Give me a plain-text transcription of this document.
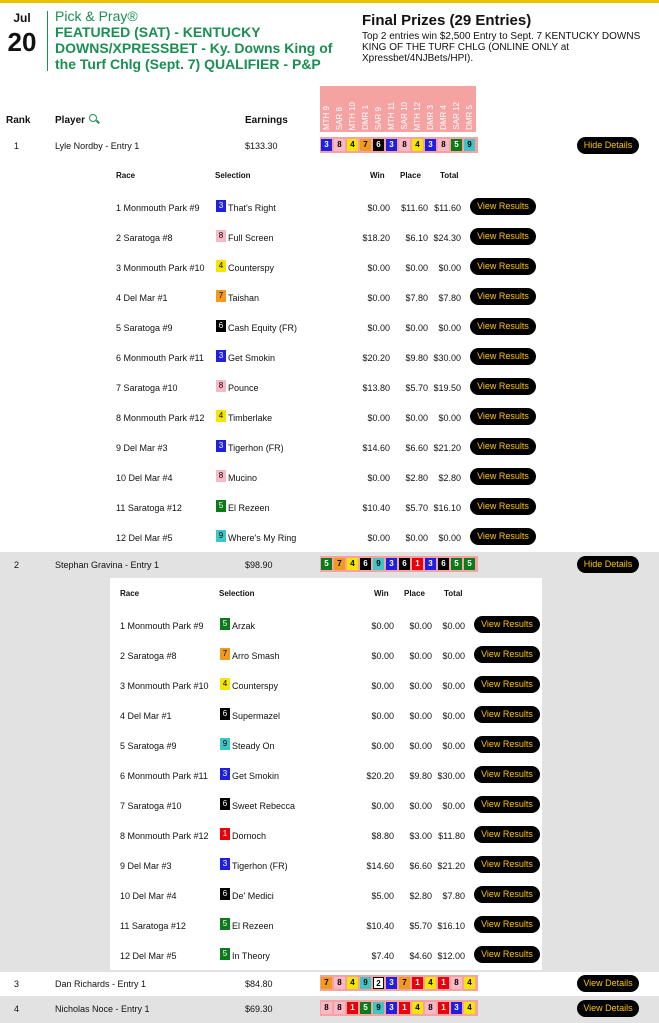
Jul
20
Pick & Pray®
FEATURED (SAT) - KENTUCKY DOWNS/XPRESSBET - Ky. Downs King of the Turf Chlg (Sept. 7) QUALIFIER - P&P
Final Prizes (29 Entries)
Top 2 entries win $2,500 Entry to Sept. 7 KENTUCKY DOWNS KING OF THE TURF CHLG (ONLINE ONLY at Xpressbet/4NJBets/HPI).
Rank Player	Earnings	MTH 9 SAR 8 MTH 10 DMR 1 SAR 9 MTH 11 SAR 10 MTH 12 DMR 3 DMR 4 SAR 12 DMR 5
1	Lyle Nordby - Entry 1	$133.30	3	8	4	7	6	3	8	4	3	8	5	9	Hide Details
Race	Selection	Win Place Total
1 Monmouth Park #9	3 That's Right	$0.00	$11.60 $11.60	View Results
2 Saratoga #8	8 Full Screen	$18.20	$6.10 $24.30	View Results
3 Monmouth Park #10	4 Counterspy	$0.00	$0.00	$0.00	View Results
4 Del Mar #1	7 Taishan	$0.00	$7.80	$7.80	View Results
5 Saratoga #9	6 Cash Equity (FR)	$0.00	$0.00	$0.00	View Results
6 Monmouth Park #11	3 Get Smokin	$20.20	$9.80 $30.00	View Results
7 Saratoga #10	8 Pounce	$13.80	$5.70 $19.50	View Results
8 Monmouth Park #12	4 Timberlake	$0.00	$0.00	$0.00	View Results
9 Del Mar #3	3 Tigerhon (FR)	$14.60	$6.60 $21.20	View Results
10 Del Mar #4	8 Mucino	$0.00	$2.80	$2.80	View Results
11 Saratoga #12	5 El Rezeen	$10.40	$5.70 $16.10	View Results
12 Del Mar #5	9 Where's My Ring	$0.00	$0.00	$0.00	View Results
2	Stephan Gravina - Entry 1	$98.90	5	7	4	6	9	3	6	1	3	6	5	5	Hide Details
Race	Selection	Win Place Total
1 Monmouth Park #9	5 Arzak	$0.00	$0.00	$0.00	View Results
2 Saratoga #8	7 Arro Smash	$0.00	$0.00	$0.00	View Results
3 Monmouth Park #10	4 Counterspy	$0.00	$0.00	$0.00	View Results
4 Del Mar #1	6 Supermazel	$0.00	$0.00	$0.00	View Results
5 Saratoga #9	9 Steady On	$0.00	$0.00	$0.00	View Results
6 Monmouth Park #11	3 Get Smokin	$20.20	$9.80 $30.00	View Results
7 Saratoga #10	6 Sweet Rebecca	$0.00	$0.00	$0.00	View Results
8 Monmouth Park #12	1 Dornoch	$8.80	$3.00 $11.80	View Results
9 Del Mar #3	3 Tigerhon (FR)	$14.60	$6.60 $21.20	View Results
10 Del Mar #4	6 De' Medici	$5.00	$2.80	$7.80	View Results
11 Saratoga #12	5 El Rezeen	$10.40	$5.70 $16.10	View Results
12 Del Mar #5	5 In Theory	$7.40	$4.60 $12.00	View Results
3	Dan Richards - Entry 1	$84.80	7	8	4	9	2	3	7	1	4	1	8	4	View Details
4	Nicholas Noce - Entry 1	$69.30	8	8	1	5	9	3	1	4	8	1	3	4	View Details
